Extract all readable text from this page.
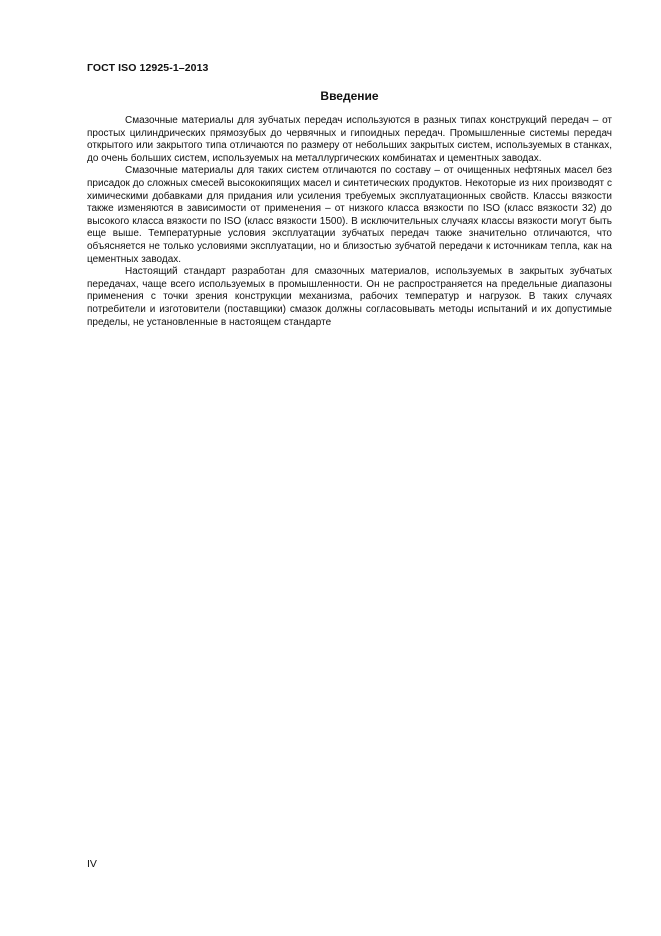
ГОСТ ISO 12925-1–2013
Введение

Смазочные материалы для зубчатых передач используются в разных типах конструкций передач – от простых цилиндрических прямозубых до червячных и гипоидных передач. Промышленные системы передач открытого или закрытого типа отличаются по размеру от небольших закрытых систем, используемых в станках, до очень больших систем, используемых на металлургических комбинатах и цементных заводах.

Смазочные материалы для таких систем отличаются по составу – от очищенных нефтяных масел без присадок до сложных смесей высококипящих масел и синтетических продуктов. Некоторые из них производят с химическими добавками для придания или усиления требуемых эксплуатационных свойств. Классы вязкости также изменяются в зависимости от применения – от низкого класса вязкости по ISO (класс вязкости 32) до высокого класса вязкости по ISO (класс вязкости 1500). В исключительных случаях классы вязкости могут быть еще выше. Температурные условия эксплуатации зубчатых передач также значительно отличаются, что объясняется не только условиями эксплуатации, но и близостью зубчатой передачи к источникам тепла, как на цементных заводах.

Настоящий стандарт разработан для смазочных материалов, используемых в закрытых зубчатых передачах, чаще всего используемых в промышленности. Он не распространяется на предельные диапазоны применения с точки зрения конструкции механизма, рабочих температур и нагрузок. В таких случаях потребители и изготовители (поставщики) смазок должны согласовывать методы испытаний и их допустимые пределы, не установленные в настоящем стандарте

IV
